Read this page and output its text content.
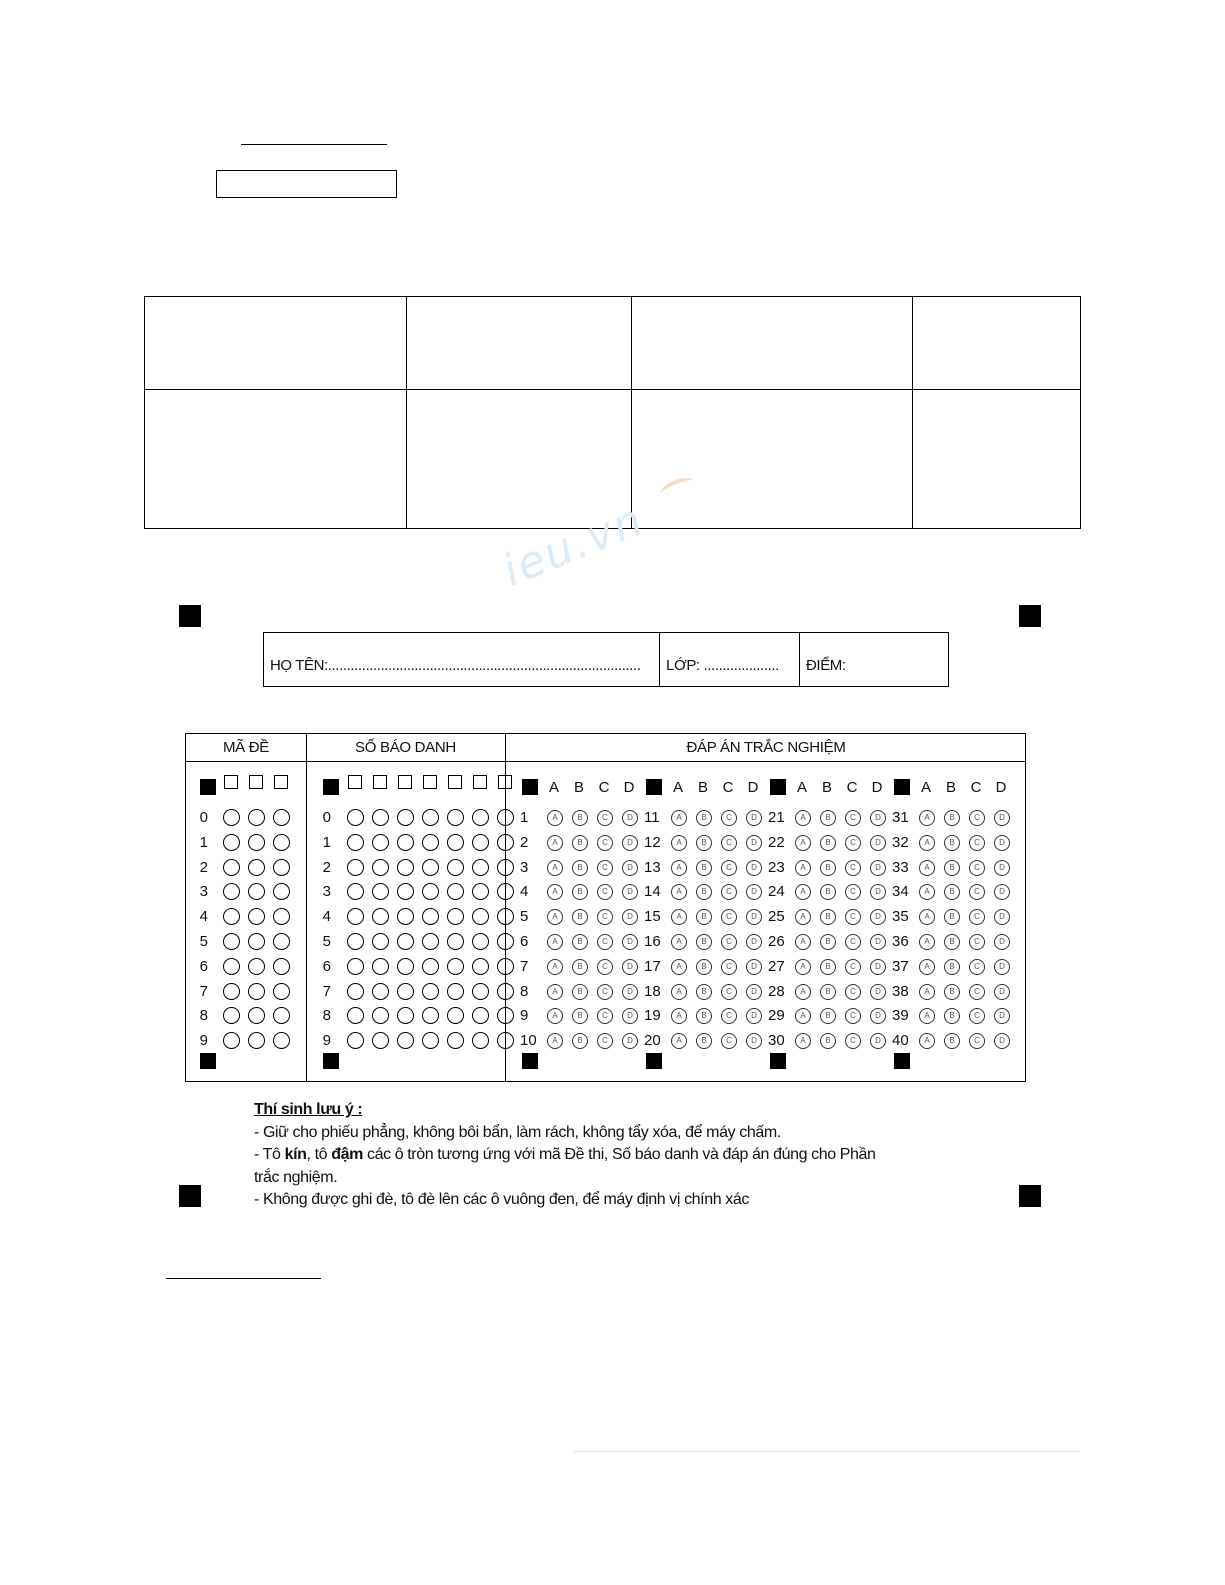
ieu.vn
HỌ TÊN:................................................................................... LỚP: .................... ĐIỂM:
MÃ ĐỀ	SỐ BÁO DANH	ĐÁP ÁN TRẮC NGHIỆM
0
1
2
3
4
5
6
7
8
9
0
1
2
3
4
5
6
7
8
9
A B C D
1	A	B	C	D
2	A	B	C	D
3	A	B	C	D
4	A	B	C	D
5	A	B	C	D
6	A	B	C	D
7	A	B	C	D
8	A	B	C	D
9	A	B	C	D
10	A	B	C	D
A B C D
11	A	B	C	D
12	A	B	C	D
13	A	B	C	D
14	A	B	C	D
15	A	B	C	D
16	A	B	C	D
17	A	B	C	D
18	A	B	C	D
19	A	B	C	D
20	A	B	C	D
A B C D
21	A	B	C	D
22	A	B	C	D
23	A	B	C	D
24	A	B	C	D
25	A	B	C	D
26	A	B	C	D
27	A	B	C	D
28	A	B	C	D
29	A	B	C	D
30	A	B	C	D
A B C D
31	A	B	C	D
32	A	B	C	D
33	A	B	C	D
34	A	B	C	D
35	A	B	C	D
36	A	B	C	D
37	A	B	C	D
38	A	B	C	D
39	A	B	C	D
40	A	B	C	D
Thí sinh lưu ý :
- Giữ cho phiếu phẳng, không bôi bẩn, làm rách, không tẩy xóa, để máy chấm.
- Tô kín, tô đậm các ô tròn tương ứng với mã Đề thi, Số báo danh và đáp án đúng cho Phần
trắc nghiệm.
- Không được ghi đè, tô đè lên các ô vuông đen, để máy định vị chính xác
